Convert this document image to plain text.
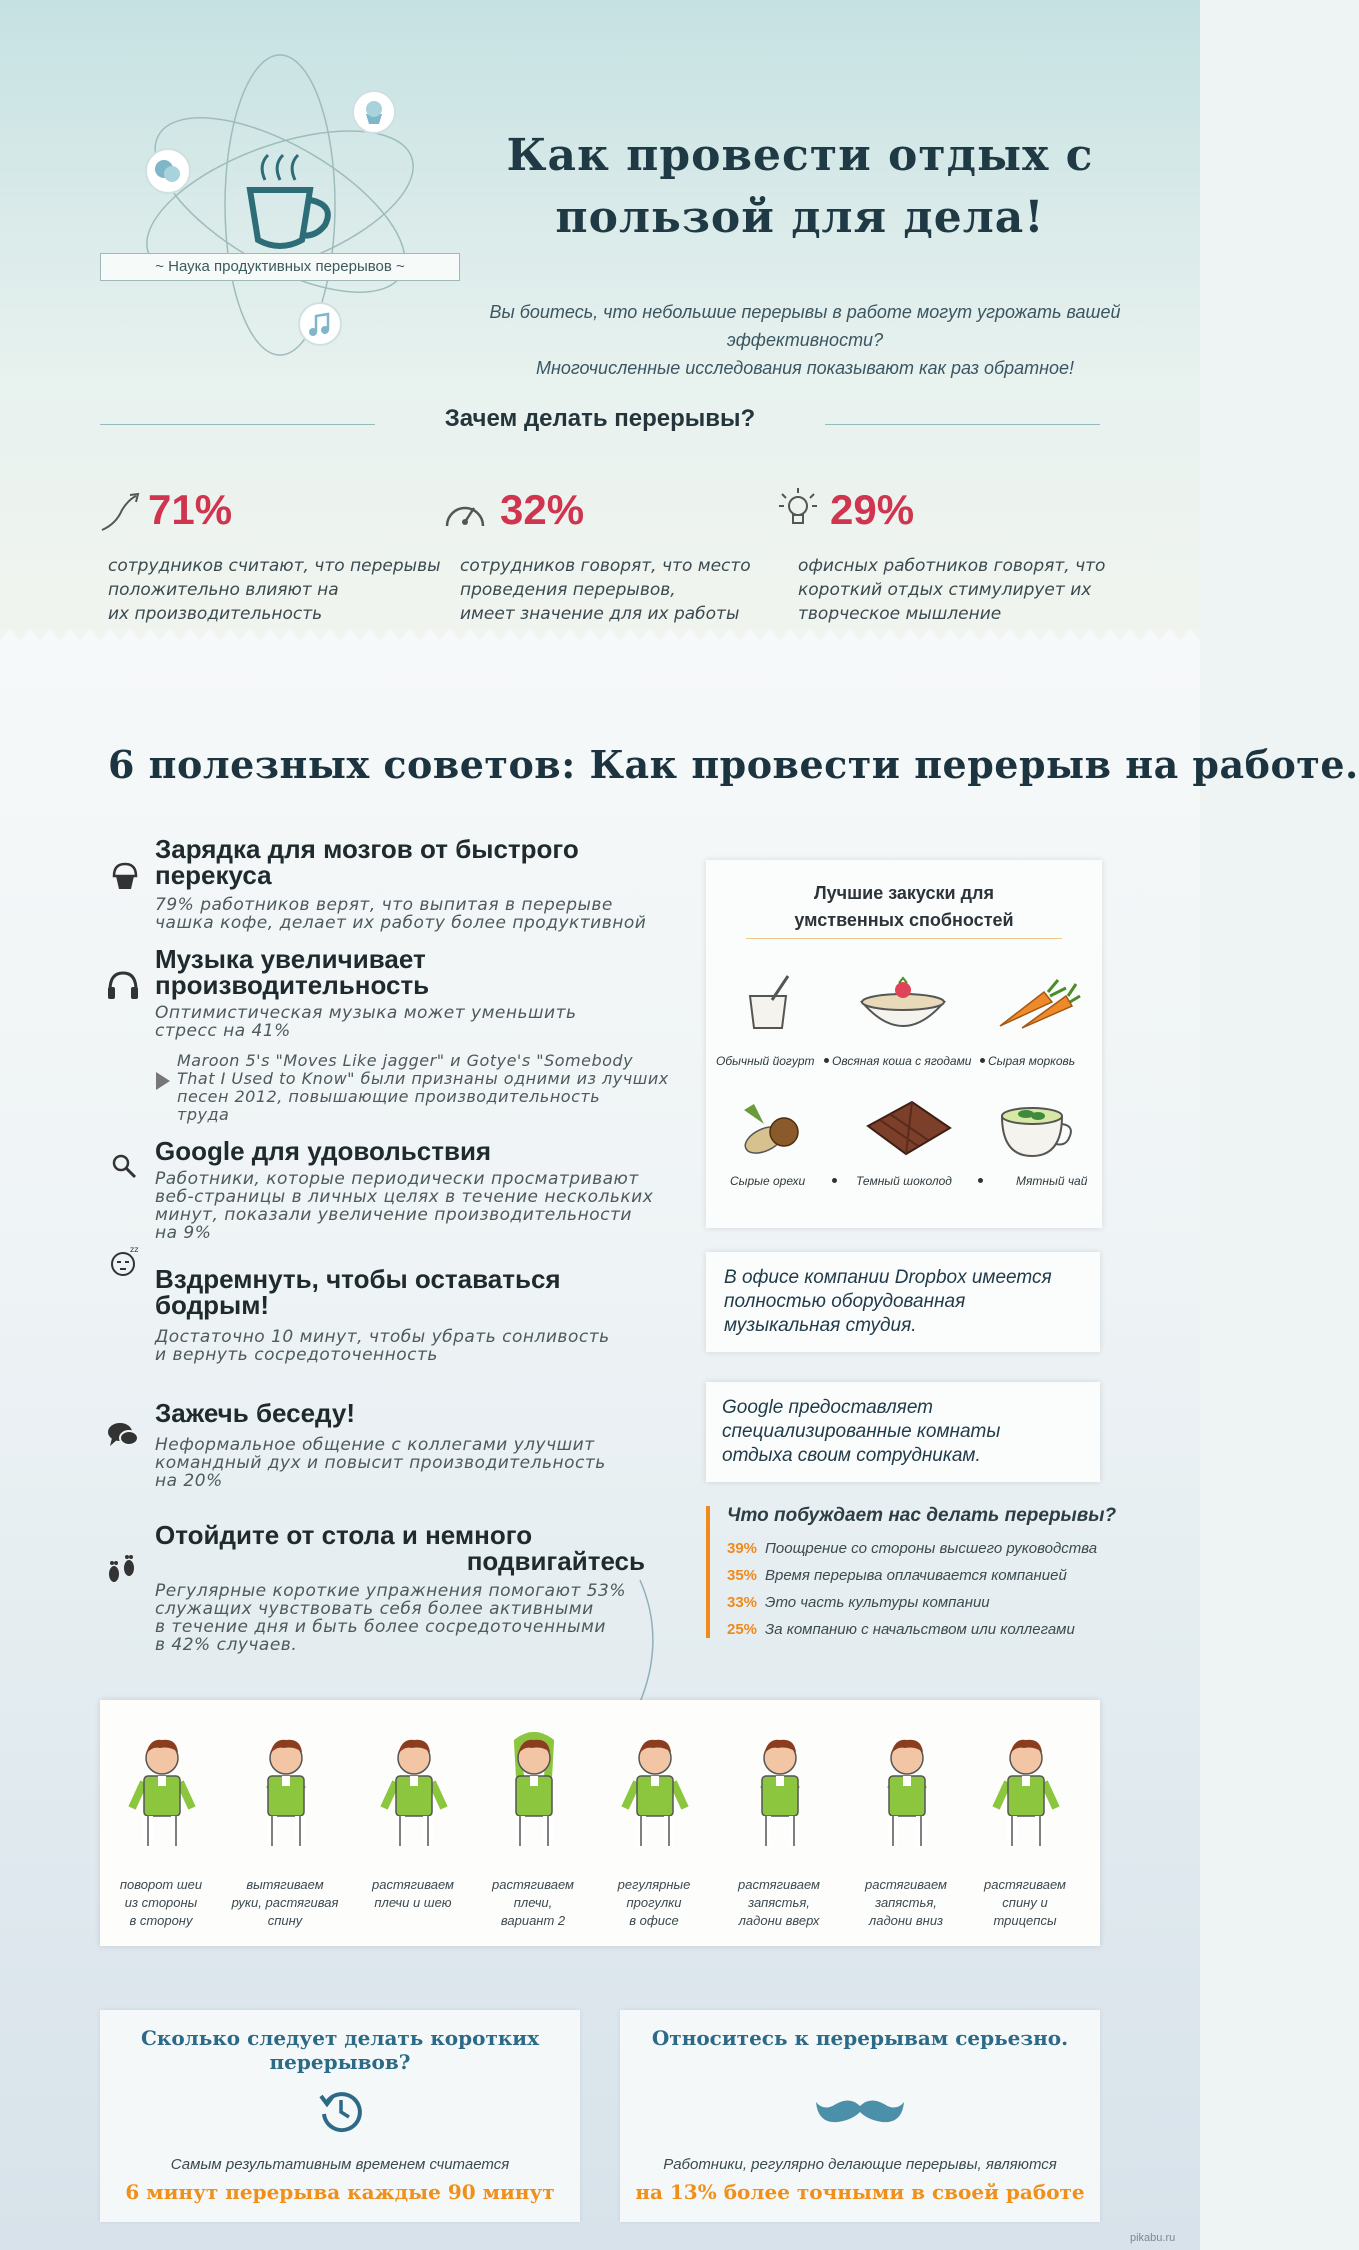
~ Наука продуктивных перерывов ~
Как провести отдых с пользой для дела!
Вы боитесь, что небольшие перерывы в работе могут угрожать вашей эффективности?
Многочисленные исследования показывают как раз обратное!
Зачем делать перерывы?
71%
сотрудников считают, что перерывы
положительно влияют на
их производительность
32%
сотрудников говорят, что место
проведения перерывов,
имеет значение для их работы
29%
офисных работников говорят, что
короткий отдых стимулирует их
творческое мышление
6 полезных советов: Как провести перерыв на работе.
Зарядка для мозгов от быстрого
перекуса
79% работников верят, что выпитая в перерыве
чашка кофе, делает их работу более продуктивной
Музыка увеличивает
производительность
Оптимистическая музыка может уменьшить
стресс на 41%
Maroon 5's "Moves Like jagger" и Gotye's "Somebody
That I Used to Know" были признаны одними из лучших
песен 2012, повышающие производительность
труда
Google для удовольствия
Работники, которые периодически просматривают
веб-страницы в личных целях в течение нескольких
минут, показали увеличение производительности
на 9%
zz
Вздремнуть, чтобы оставаться
бодрым!
Достаточно 10 минут, чтобы убрать сонливость
и вернуть сосредоточенность
Зажечь беседу!
Неформальное общение с коллегами улучшит
командный дух и повысит производительность
на 20%
Отойдите от стола и немного
подвигайтесь
Регулярные короткие упражнения помогают 53%
служащих чувствовать себя более активными
в течение дня и быть более сосредоточенными
в 42% случаев.
Лучшие закуски для
умственных спобностей
Обычный йогурт Овсяная коша с ягодами Сырая морковь
Сырые орехи	Темный шоколод	Мятный чай
В офисе компании Dropbox имеется
полностью оборудованная
музыкальная студия.
Google предоставляет
специализированные комнаты
отдыха своим сотрудникам.
Что побуждает нас делать перерывы?
39% Поощрение со стороны высшего руководства
35% Время перерыва оплачивается компанией
33% Это часть культуры компании
25% За компанию с начальством или коллегами
поворот шеи
из стороны
в сторону
вытягиваем
руки, растягивая
спину
растягиваем
плечи и шею
растягиваем
плечи,
вариант 2
регулярные
прогулки
в офисе
растягиваем
запястья,
ладони вверх
растягиваем
запястья,
ладони вниз
растягиваем
спину и
трицепсы
Сколько следует делать коротких
перерывов?
Самым результативным временем считается
6 минут перерыва каждые 90 минут
Относитесь к перерывам серьезно.
Работники, регулярно делающие перерывы, являются
на 13% более точными в своей работе
pikabu.ru
